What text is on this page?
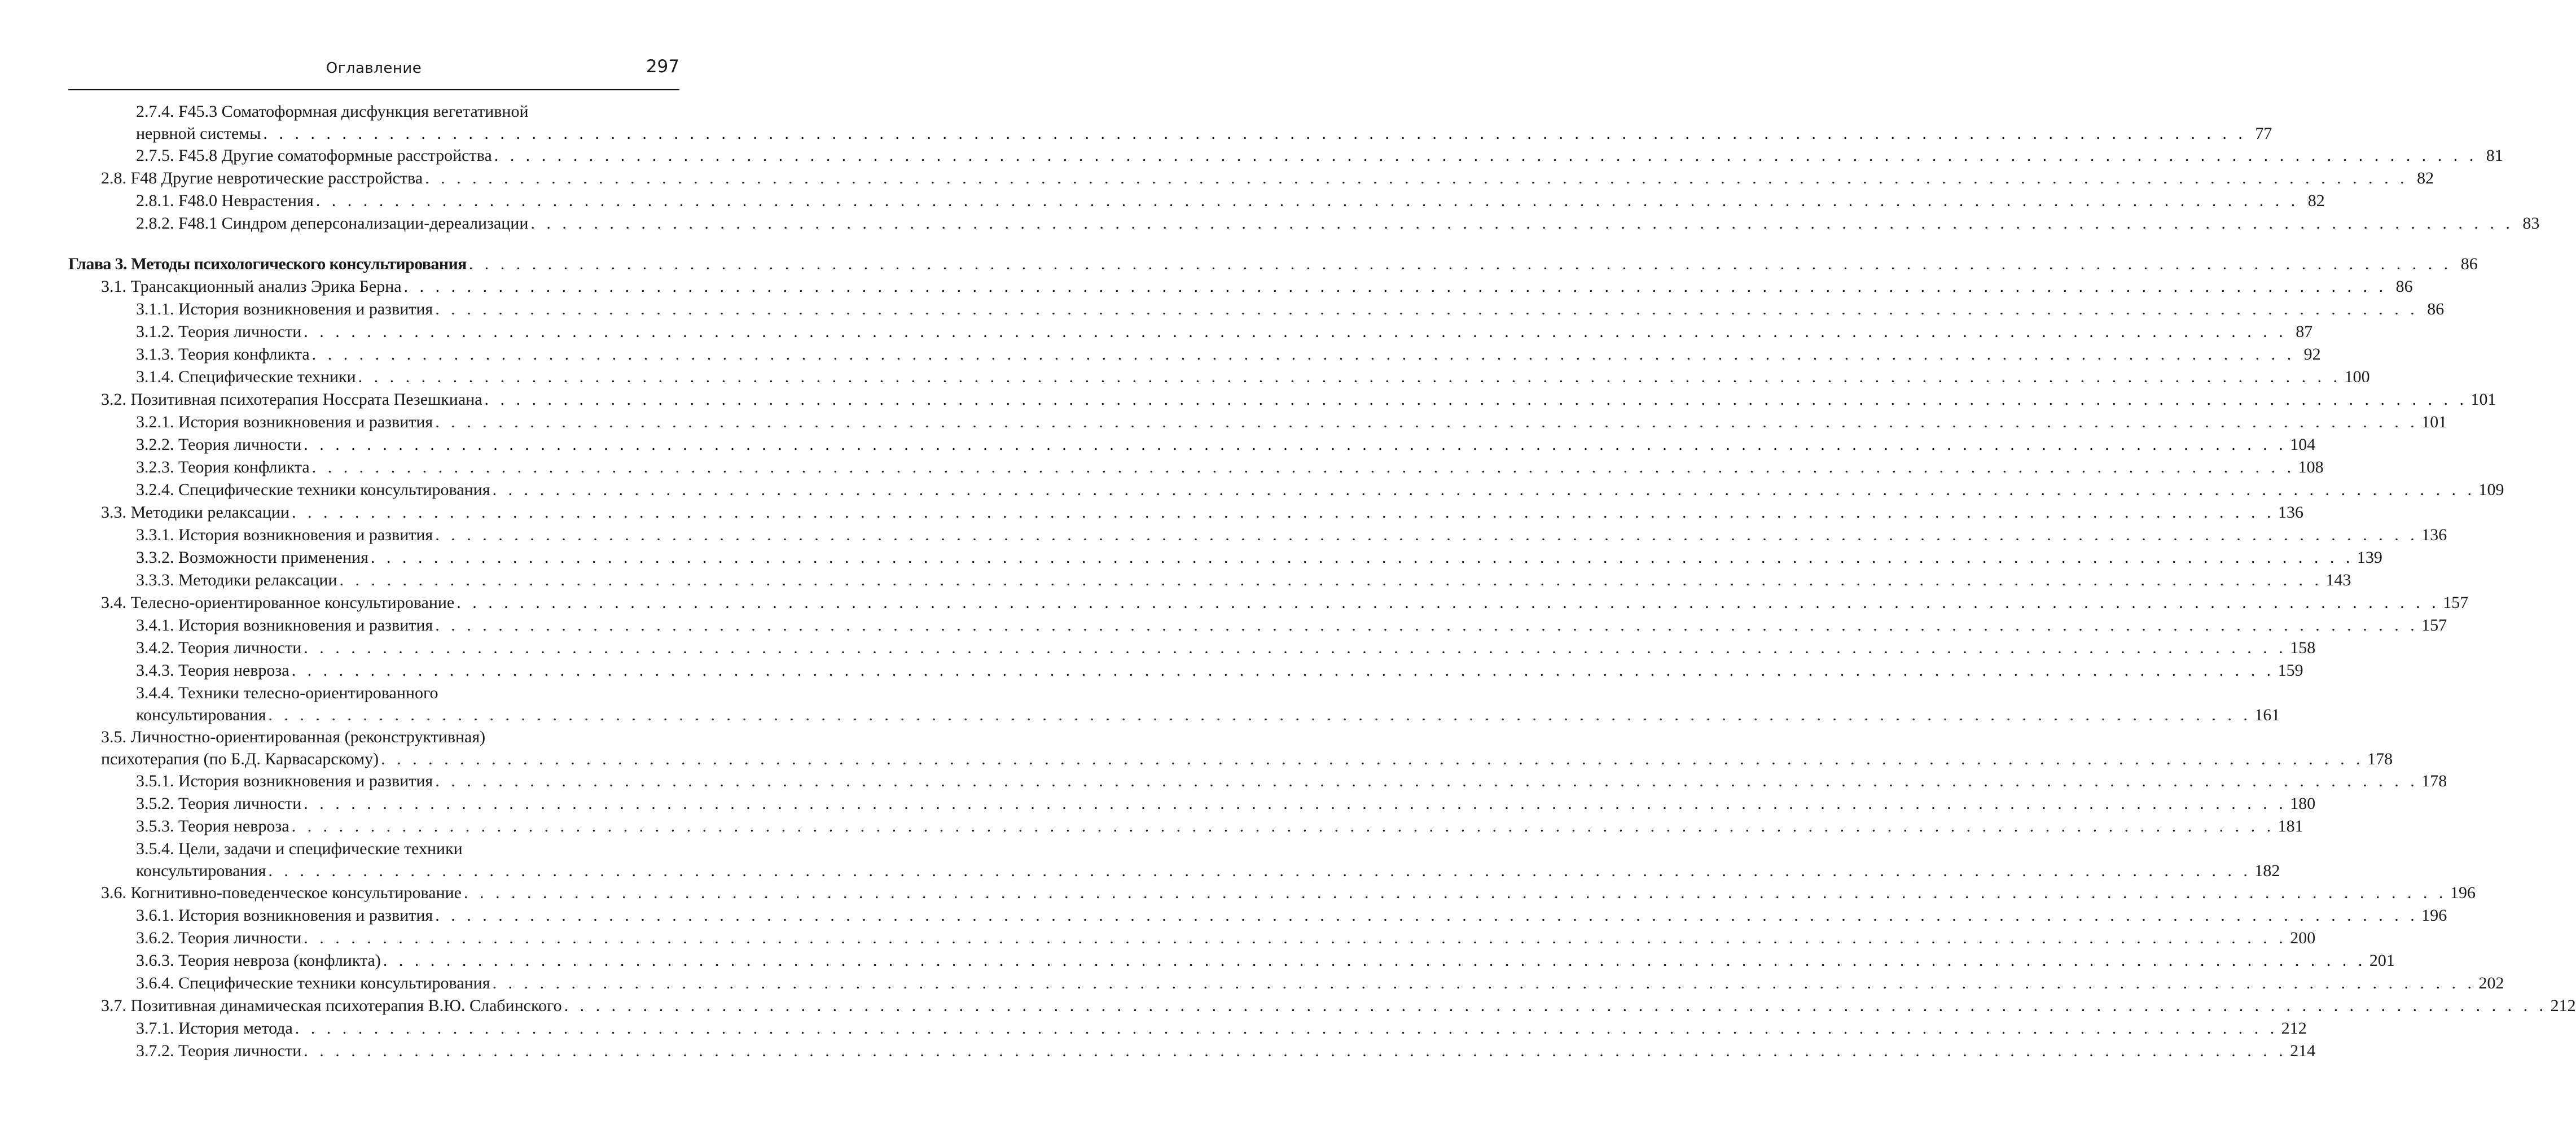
Оглавление	297
2.7.4. F45.3 Соматоформная дисфункция вегетативной
нервной системы . . . . . . . . . . . . . . . . . . . . . . . . . . . . . . . . . . . . . . . . . . . . . . . . . . . . . . . . . . . . . . . . . . . . . . . . . . . . . . . . . . . . . . . . . . . . . . . . . . . . . . . . . . . . . . . . . . . . . . . . . . . . . . 77
2.7.5. F45.8 Другие соматоформные расстройства . . . . . . . . . . . . . . . . . . . . . . . . . . . . . . . . . . . . . . . . . . . . . . . . . . . . . . . . . . . . . . . . . . . . . . . . . . . . . . . . . . . . . . . . . . . . . . . . . . . . . . . . . . . . . . . . . . . . . . . . . . . . . . 81
2.8. F48 Другие невротические расстройства . . . . . . . . . . . . . . . . . . . . . . . . . . . . . . . . . . . . . . . . . . . . . . . . . . . . . . . . . . . . . . . . . . . . . . . . . . . . . . . . . . . . . . . . . . . . . . . . . . . . . . . . . . . . . . . . . . . . . . . . . . . . . . 82
2.8.1. F48.0 Неврастения . . . . . . . . . . . . . . . . . . . . . . . . . . . . . . . . . . . . . . . . . . . . . . . . . . . . . . . . . . . . . . . . . . . . . . . . . . . . . . . . . . . . . . . . . . . . . . . . . . . . . . . . . . . . . . . . . . . . . . . . . . . . . . 82
2.8.2. F48.1 Синдром деперсонализации-дереализации . . . . . . . . . . . . . . . . . . . . . . . . . . . . . . . . . . . . . . . . . . . . . . . . . . . . . . . . . . . . . . . . . . . . . . . . . . . . . . . . . . . . . . . . . . . . . . . . . . . . . . . . . . . . . . . . . . . . . . . . . . . . . . 83
Глава 3. Методы психологического консультирования . . . . . . . . . . . . . . . . . . . . . . . . . . . . . . . . . . . . . . . . . . . . . . . . . . . . . . . . . . . . . . . . . . . . . . . . . . . . . . . . . . . . . . . . . . . . . . . . . . . . . . . . . . . . . . . . . . . . . . . . . . . . . . 86
3.1. Трансакционный анализ Эрика Берна . . . . . . . . . . . . . . . . . . . . . . . . . . . . . . . . . . . . . . . . . . . . . . . . . . . . . . . . . . . . . . . . . . . . . . . . . . . . . . . . . . . . . . . . . . . . . . . . . . . . . . . . . . . . . . . . . . . . . . . . . . . . . . 86
3.1.1. История возникновения и развития . . . . . . . . . . . . . . . . . . . . . . . . . . . . . . . . . . . . . . . . . . . . . . . . . . . . . . . . . . . . . . . . . . . . . . . . . . . . . . . . . . . . . . . . . . . . . . . . . . . . . . . . . . . . . . . . . . . . . . . . . . . . . . 86
3.1.2. Теория личности . . . . . . . . . . . . . . . . . . . . . . . . . . . . . . . . . . . . . . . . . . . . . . . . . . . . . . . . . . . . . . . . . . . . . . . . . . . . . . . . . . . . . . . . . . . . . . . . . . . . . . . . . . . . . . . . . . . . . . . . . . . . . . 87
3.1.3. Теория конфликта . . . . . . . . . . . . . . . . . . . . . . . . . . . . . . . . . . . . . . . . . . . . . . . . . . . . . . . . . . . . . . . . . . . . . . . . . . . . . . . . . . . . . . . . . . . . . . . . . . . . . . . . . . . . . . . . . . . . . . . . . . . . . . 92
3.1.4. Специфические техники . . . . . . . . . . . . . . . . . . . . . . . . . . . . . . . . . . . . . . . . . . . . . . . . . . . . . . . . . . . . . . . . . . . . . . . . . . . . . . . . . . . . . . . . . . . . . . . . . . . . . . . . . . . . . . . . . . . . . . . . . . . . . . 100
3.2. Позитивная психотерапия Носсрата Пезешкиана . . . . . . . . . . . . . . . . . . . . . . . . . . . . . . . . . . . . . . . . . . . . . . . . . . . . . . . . . . . . . . . . . . . . . . . . . . . . . . . . . . . . . . . . . . . . . . . . . . . . . . . . . . . . . . . . . . . . . . . . . . . . . . 101
3.2.1. История возникновения и развития . . . . . . . . . . . . . . . . . . . . . . . . . . . . . . . . . . . . . . . . . . . . . . . . . . . . . . . . . . . . . . . . . . . . . . . . . . . . . . . . . . . . . . . . . . . . . . . . . . . . . . . . . . . . . . . . . . . . . . . . . . . . . . 101
3.2.2. Теория личности . . . . . . . . . . . . . . . . . . . . . . . . . . . . . . . . . . . . . . . . . . . . . . . . . . . . . . . . . . . . . . . . . . . . . . . . . . . . . . . . . . . . . . . . . . . . . . . . . . . . . . . . . . . . . . . . . . . . . . . . . . . . . . 104
3.2.3. Теория конфликта . . . . . . . . . . . . . . . . . . . . . . . . . . . . . . . . . . . . . . . . . . . . . . . . . . . . . . . . . . . . . . . . . . . . . . . . . . . . . . . . . . . . . . . . . . . . . . . . . . . . . . . . . . . . . . . . . . . . . . . . . . . . . . 108
3.2.4. Специфические техники консультирования . . . . . . . . . . . . . . . . . . . . . . . . . . . . . . . . . . . . . . . . . . . . . . . . . . . . . . . . . . . . . . . . . . . . . . . . . . . . . . . . . . . . . . . . . . . . . . . . . . . . . . . . . . . . . . . . . . . . . . . . . . . . . . 109
3.3. Методики релаксации . . . . . . . . . . . . . . . . . . . . . . . . . . . . . . . . . . . . . . . . . . . . . . . . . . . . . . . . . . . . . . . . . . . . . . . . . . . . . . . . . . . . . . . . . . . . . . . . . . . . . . . . . . . . . . . . . . . . . . . . . . . . . . 136
3.3.1. История возникновения и развития . . . . . . . . . . . . . . . . . . . . . . . . . . . . . . . . . . . . . . . . . . . . . . . . . . . . . . . . . . . . . . . . . . . . . . . . . . . . . . . . . . . . . . . . . . . . . . . . . . . . . . . . . . . . . . . . . . . . . . . . . . . . . . 136
3.3.2. Возможности применения . . . . . . . . . . . . . . . . . . . . . . . . . . . . . . . . . . . . . . . . . . . . . . . . . . . . . . . . . . . . . . . . . . . . . . . . . . . . . . . . . . . . . . . . . . . . . . . . . . . . . . . . . . . . . . . . . . . . . . . . . . . . . . 139
3.3.3. Методики релаксации . . . . . . . . . . . . . . . . . . . . . . . . . . . . . . . . . . . . . . . . . . . . . . . . . . . . . . . . . . . . . . . . . . . . . . . . . . . . . . . . . . . . . . . . . . . . . . . . . . . . . . . . . . . . . . . . . . . . . . . . . . . . . . 143
3.4. Телесно-ориентированное консультирование . . . . . . . . . . . . . . . . . . . . . . . . . . . . . . . . . . . . . . . . . . . . . . . . . . . . . . . . . . . . . . . . . . . . . . . . . . . . . . . . . . . . . . . . . . . . . . . . . . . . . . . . . . . . . . . . . . . . . . . . . . . . . . 157
3.4.1. История возникновения и развития . . . . . . . . . . . . . . . . . . . . . . . . . . . . . . . . . . . . . . . . . . . . . . . . . . . . . . . . . . . . . . . . . . . . . . . . . . . . . . . . . . . . . . . . . . . . . . . . . . . . . . . . . . . . . . . . . . . . . . . . . . . . . . 157
3.4.2. Теория личности . . . . . . . . . . . . . . . . . . . . . . . . . . . . . . . . . . . . . . . . . . . . . . . . . . . . . . . . . . . . . . . . . . . . . . . . . . . . . . . . . . . . . . . . . . . . . . . . . . . . . . . . . . . . . . . . . . . . . . . . . . . . . . 158
3.4.3. Теория невроза . . . . . . . . . . . . . . . . . . . . . . . . . . . . . . . . . . . . . . . . . . . . . . . . . . . . . . . . . . . . . . . . . . . . . . . . . . . . . . . . . . . . . . . . . . . . . . . . . . . . . . . . . . . . . . . . . . . . . . . . . . . . . . 159
3.4.4. Техники телесно-ориентированного
консультирования . . . . . . . . . . . . . . . . . . . . . . . . . . . . . . . . . . . . . . . . . . . . . . . . . . . . . . . . . . . . . . . . . . . . . . . . . . . . . . . . . . . . . . . . . . . . . . . . . . . . . . . . . . . . . . . . . . . . . . . . . . . . . . 161
3.5. Личностно-ориентированная (реконструктивная)
психотерапия (по Б.Д. Карвасарскому) . . . . . . . . . . . . . . . . . . . . . . . . . . . . . . . . . . . . . . . . . . . . . . . . . . . . . . . . . . . . . . . . . . . . . . . . . . . . . . . . . . . . . . . . . . . . . . . . . . . . . . . . . . . . . . . . . . . . . . . . . . . . . . 178
3.5.1. История возникновения и развития . . . . . . . . . . . . . . . . . . . . . . . . . . . . . . . . . . . . . . . . . . . . . . . . . . . . . . . . . . . . . . . . . . . . . . . . . . . . . . . . . . . . . . . . . . . . . . . . . . . . . . . . . . . . . . . . . . . . . . . . . . . . . . 178
3.5.2. Теория личности . . . . . . . . . . . . . . . . . . . . . . . . . . . . . . . . . . . . . . . . . . . . . . . . . . . . . . . . . . . . . . . . . . . . . . . . . . . . . . . . . . . . . . . . . . . . . . . . . . . . . . . . . . . . . . . . . . . . . . . . . . . . . . 180
3.5.3. Теория невроза . . . . . . . . . . . . . . . . . . . . . . . . . . . . . . . . . . . . . . . . . . . . . . . . . . . . . . . . . . . . . . . . . . . . . . . . . . . . . . . . . . . . . . . . . . . . . . . . . . . . . . . . . . . . . . . . . . . . . . . . . . . . . . 181
3.5.4. Цели, задачи и специфические техники
консультирования . . . . . . . . . . . . . . . . . . . . . . . . . . . . . . . . . . . . . . . . . . . . . . . . . . . . . . . . . . . . . . . . . . . . . . . . . . . . . . . . . . . . . . . . . . . . . . . . . . . . . . . . . . . . . . . . . . . . . . . . . . . . . . 182
3.6. Когнитивно-поведенческое консультирование . . . . . . . . . . . . . . . . . . . . . . . . . . . . . . . . . . . . . . . . . . . . . . . . . . . . . . . . . . . . . . . . . . . . . . . . . . . . . . . . . . . . . . . . . . . . . . . . . . . . . . . . . . . . . . . . . . . . . . . . . . . . . . 196
3.6.1. История возникновения и развития . . . . . . . . . . . . . . . . . . . . . . . . . . . . . . . . . . . . . . . . . . . . . . . . . . . . . . . . . . . . . . . . . . . . . . . . . . . . . . . . . . . . . . . . . . . . . . . . . . . . . . . . . . . . . . . . . . . . . . . . . . . . . . 196
3.6.2. Теория личности . . . . . . . . . . . . . . . . . . . . . . . . . . . . . . . . . . . . . . . . . . . . . . . . . . . . . . . . . . . . . . . . . . . . . . . . . . . . . . . . . . . . . . . . . . . . . . . . . . . . . . . . . . . . . . . . . . . . . . . . . . . . . . 200
3.6.3. Теория невроза (конфликта) . . . . . . . . . . . . . . . . . . . . . . . . . . . . . . . . . . . . . . . . . . . . . . . . . . . . . . . . . . . . . . . . . . . . . . . . . . . . . . . . . . . . . . . . . . . . . . . . . . . . . . . . . . . . . . . . . . . . . . . . . . . . . . 201
3.6.4. Специфические техники консультирования . . . . . . . . . . . . . . . . . . . . . . . . . . . . . . . . . . . . . . . . . . . . . . . . . . . . . . . . . . . . . . . . . . . . . . . . . . . . . . . . . . . . . . . . . . . . . . . . . . . . . . . . . . . . . . . . . . . . . . . . . . . . . . 202
3.7. Позитивная динамическая психотерапия В.Ю. Слабинского . . . . . . . . . . . . . . . . . . . . . . . . . . . . . . . . . . . . . . . . . . . . . . . . . . . . . . . . . . . . . . . . . . . . . . . . . . . . . . . . . . . . . . . . . . . . . . . . . . . . . . . . . . . . . . . . . . . . . . . . . . . . . . 212
3.7.1. История метода . . . . . . . . . . . . . . . . . . . . . . . . . . . . . . . . . . . . . . . . . . . . . . . . . . . . . . . . . . . . . . . . . . . . . . . . . . . . . . . . . . . . . . . . . . . . . . . . . . . . . . . . . . . . . . . . . . . . . . . . . . . . . . 212
3.7.2. Теория личности . . . . . . . . . . . . . . . . . . . . . . . . . . . . . . . . . . . . . . . . . . . . . . . . . . . . . . . . . . . . . . . . . . . . . . . . . . . . . . . . . . . . . . . . . . . . . . . . . . . . . . . . . . . . . . . . . . . . . . . . . . . . . . 214
